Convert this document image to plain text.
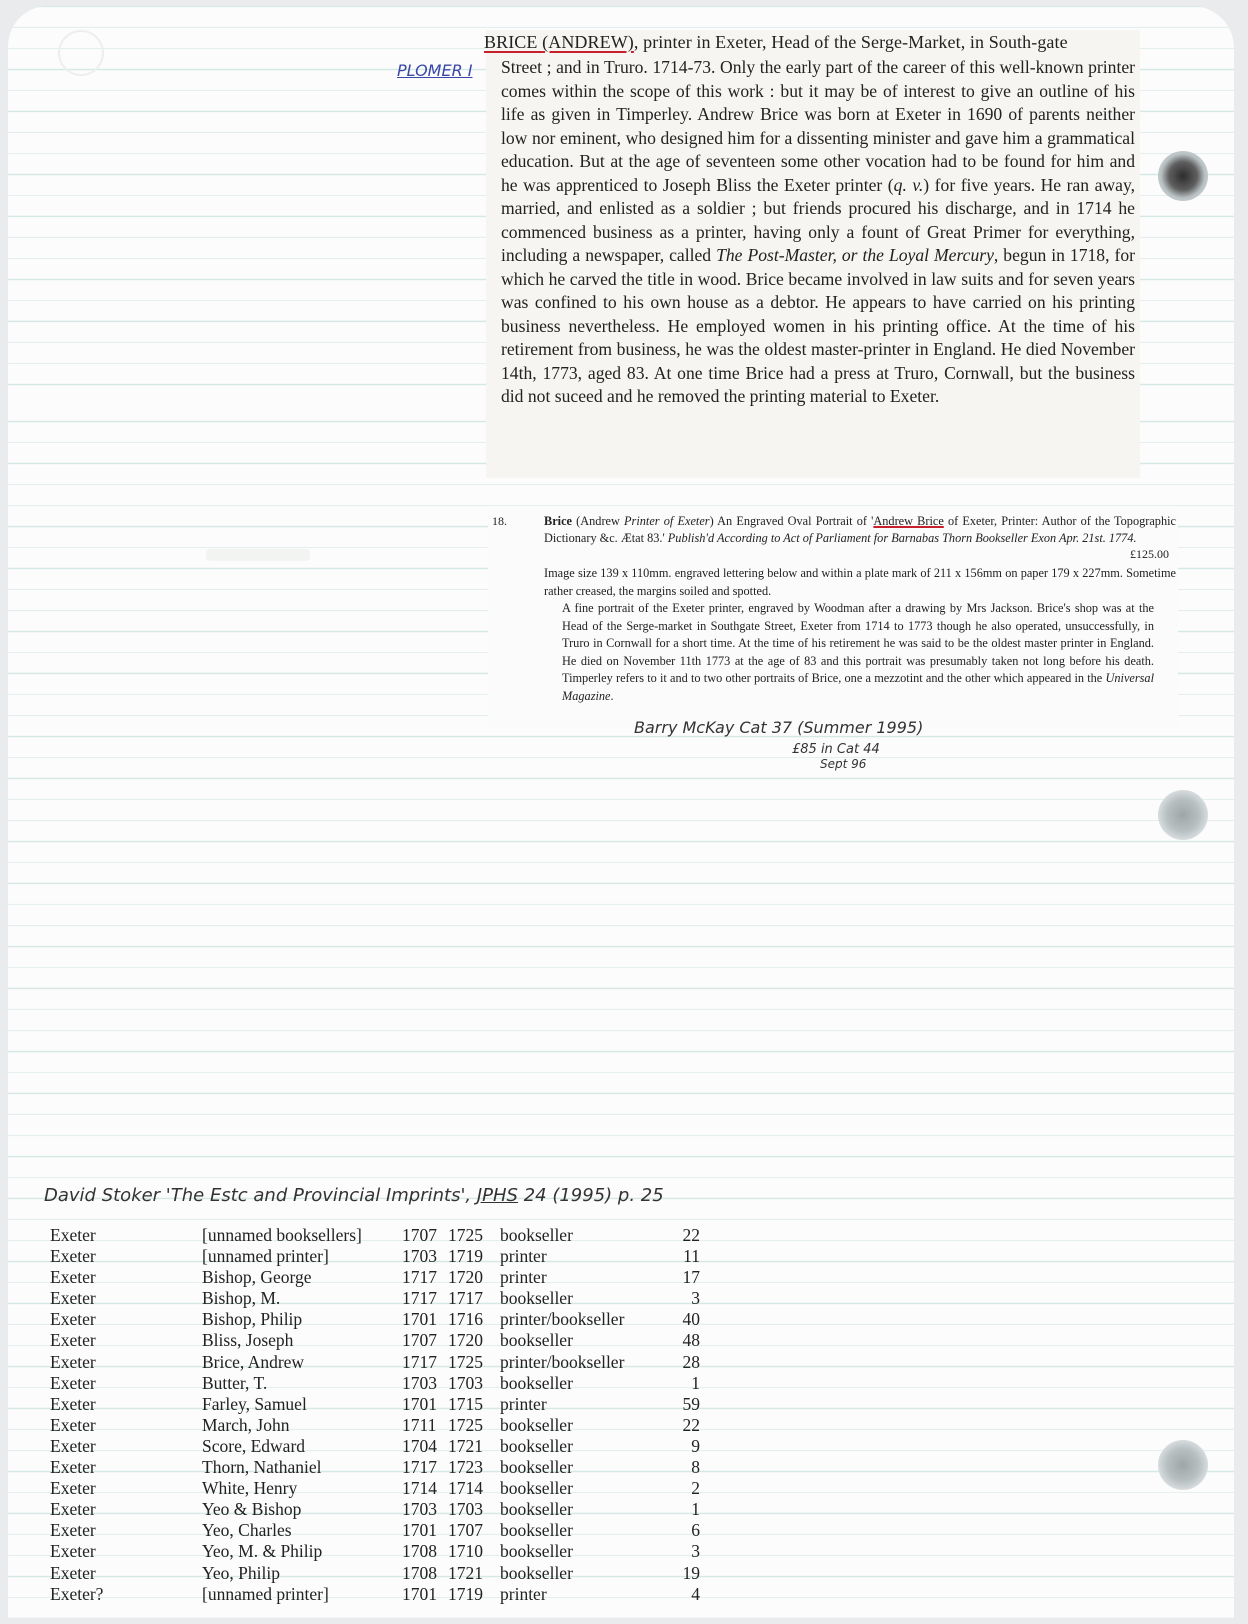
BRICE (ANDREW), printer in Exeter, Head of the Serge-Market, in South-gate
Street ; and in Truro. 1714-73. Only the early part of the career of this well-known printer comes within the scope of this work : but it may be of interest to give an outline of his life as given in Timperley. Andrew Brice was born at Exeter in 1690 of parents neither low nor eminent, who designed him for a dissenting minister and gave him a grammatical education. But at the age of seventeen some other vocation had to be found for him and he was apprenticed to Joseph Bliss the Exeter printer (q. v.) for five years. He ran away, married, and enlisted as a soldier ; but friends procured his discharge, and in 1714 he commenced business as a printer, having only a fount of Great Primer for everything, including a newspaper, called The Post-Master, or the Loyal Mercury, begun in 1718, for which he carved the title in wood. Brice became involved in law suits and for seven years was confined to his own house as a debtor. He appears to have carried on his printing business nevertheless. He employed women in his printing office. At the time of his retirement from business, he was the oldest master-printer in England. He died November 14th, 1773, aged 83. At one time Brice had a press at Truro, Cornwall, but the business did not suceed and he removed the printing material to Exeter.
PLOMER I
18.	Brice (Andrew Printer of Exeter) An Engraved Oval Portrait of 'Andrew Brice of Exeter, Printer: Author of the Topographic Dictionary &c. Ætat 83.' Publish'd According to Act of Parliament for Barnabas Thorn Bookseller Exon Apr. 21st. 1774.

Image size 139 x 110mm. engraved lettering below and within a plate mark of 211 x 156mm on paper 179 x 227mm. Sometime rather creased, the margins soiled and spotted.
£125.00
A fine portrait of the Exeter printer, engraved by Woodman after a drawing by Mrs Jackson. Brice's shop was at the Head of the Serge-market in Southgate Street, Exeter from 1714 to 1773 though he also operated, unsuccessfully, in Truro in Cornwall for a short time. At the time of his retirement he was said to be the oldest master printer in England. He died on November 11th 1773 at the age of 83 and this portrait was presumably taken not long before his death. Timperley refers to it and to two other portraits of Brice, one a mezzotint and the other which appeared in the Universal Magazine.
Barry McKay Cat 37 (Summer 1995)
£85 in Cat 44
Sept 96
David Stoker 'The Estc and Provincial Imprints', JPHS 24 (1995) p. 25
Exeter	[unnamed booksellers] 1707 1725 bookseller	22
Exeter	[unnamed printer]	1703 1719 printer	11
Exeter	Bishop, George	1717 1720 printer	17
Exeter	Bishop, M.	1717 1717 bookseller	3
Exeter	Bishop, Philip	1701 1716 printer/bookseller	40
Exeter	Bliss, Joseph	1707 1720 bookseller	48
Exeter	Brice, Andrew	1717 1725 printer/bookseller	28
Exeter	Butter, T.	1703 1703 bookseller	1
Exeter	Farley, Samuel	1701 1715 printer	59
Exeter	March, John	1711 1725 bookseller	22
Exeter	Score, Edward	1704 1721 bookseller	9
Exeter	Thorn, Nathaniel	1717 1723 bookseller	8
Exeter	White, Henry	1714 1714 bookseller	2
Exeter	Yeo & Bishop	1703 1703 bookseller	1
Exeter	Yeo, Charles	1701 1707 bookseller	6
Exeter	Yeo, M. & Philip	1708 1710 bookseller	3
Exeter	Yeo, Philip	1708 1721 bookseller	19
Exeter?	[unnamed printer]	1701 1719 printer	4
